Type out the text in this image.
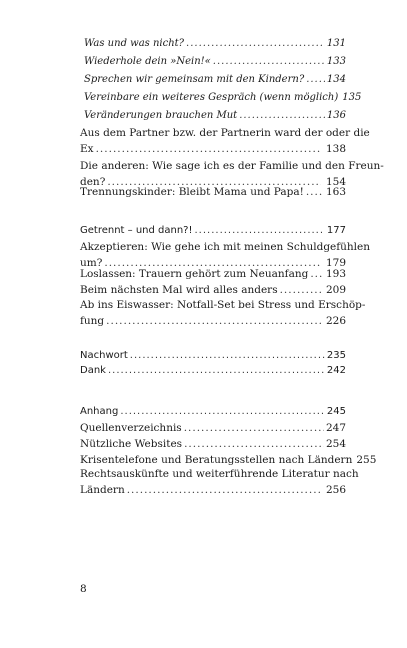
Was und was nicht? .....	131
Wiederhole dein »Nein!« .....	133
Sprechen wir gemeinsam mit den Kindern? ..... 134
Vereinbare ein weiteres Gespräch (wenn möglich) 135
Veränderungen brauchen Mut .....	136
Aus dem Partner bzw. der Partnerin ward der oder die
Ex .....	138
Die anderen: Wie sage ich es der Familie und den Freun-
den? .....	154
Trennungskinder: Bleibt Mama und Papa! ..... 163
Getrennt – und dann?! .....	177
Akzeptieren: Wie gehe ich mit meinen Schuldgefühlen
um? .....	179
Loslassen: Trauern gehört zum Neuanfang ..... 193
Beim nächsten Mal wird alles anders .....	209
Ab ins Eiswasser: Notfall-Set bei Stress und Erschöp-
fung .....	226
Nachwort .....	235
Dank .....	242
Anhang .....	245
Quellenverzeichnis .....	247
Nützliche Websites .....	254
Krisentelefone und Beratungsstellen nach Ländern 255
Rechtsauskünfte und weiterführende Literatur nach
Ländern .....	256
8
